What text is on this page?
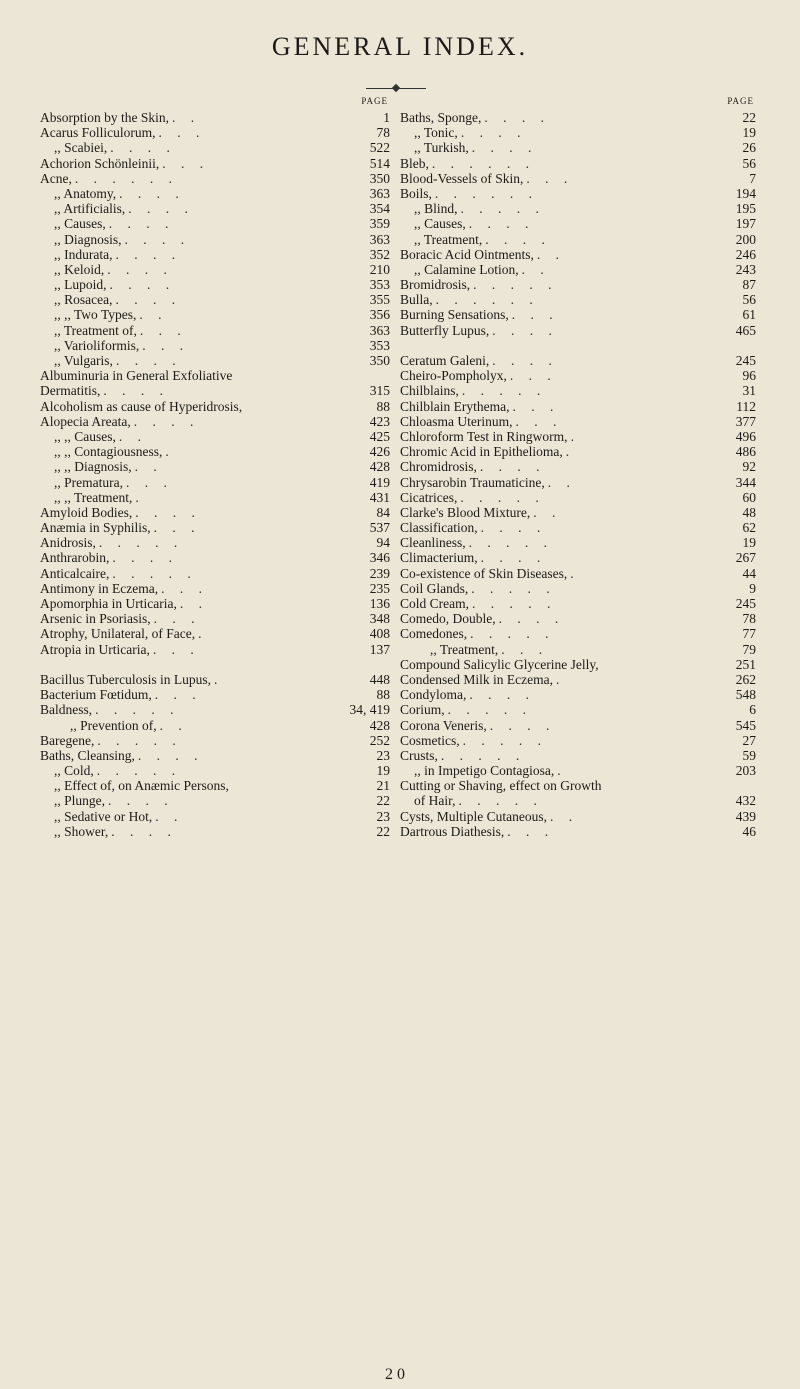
GENERAL INDEX.
PAGE
Absorption by the Skin, . .	1
Acarus Folliculorum, . . .	78
,, Scabiei, . . . .	522
Achorion Schönleinii, . . .	514
Acne, . . . . . .	350
,, Anatomy, . . . .	363
,, Artificialis, . . . .	354
,, Causes, . . . .	359
,, Diagnosis, . . . .	363
,, Indurata, . . . .	352
,, Keloid, . . . .	210
,, Lupoid, . . . .	353
,, Rosacea, . . . .	355
,, ,, Two Types, . .	356
,, Treatment of, . . .	363
,, Varioliformis, . . .	353
,, Vulgaris, . . . .	350
Albuminuria in General Exfoliative
Dermatitis, . . . .	315
Alcoholism as cause of Hyperidrosis,	88
Alopecia Areata, . . . .	423
,, ,, Causes, . .	425
,, ,, Contagiousness, .	426
,, ,, Diagnosis, . .	428
,, Prematura, . . .	419
,, ,, Treatment, .	431
Amyloid Bodies, . . . .	84
Anæmia in Syphilis, . . .	537
Anidrosis, . . . . .	94
Anthrarobin, . . . .	346
Anticalcaire, . . . . .	239
Antimony in Eczema, . . .	235
Apomorphia in Urticaria, . .	136
Arsenic in Psoriasis, . . .	348
Atrophy, Unilateral, of Face, .	408
Atropia in Urticaria, . . .	137
Bacillus Tuberculosis in Lupus, .	448
Bacterium Fœtidum, . . .	88
Baldness, . . . . .	34, 419
,, Prevention of, . .	428
Baregene, . . . . .	252
Baths, Cleansing, . . . .	23
,, Cold, . . . . .	19
,, Effect of, on Anæmic Persons,	21
,, Plunge, . . . .	22
,, Sedative or Hot, . .	23
,, Shower, . . . .	22
PAGE
Baths, Sponge, . . . .	22
,, Tonic, . . . .	19
,, Turkish, . . . .	26
Bleb, . . . . . .	56
Blood-Vessels of Skin, . . .	7
Boils, . . . . . .	194
,, Blind, . . . . .	195
,, Causes, . . . .	197
,, Treatment, . . . .	200
Boracic Acid Ointments, . .	246
,, Calamine Lotion, . .	243
Bromidrosis, . . . . .	87
Bulla, . . . . . .	56
Burning Sensations, . . .	61
Butterfly Lupus, . . . .	465
Ceratum Galeni, . . . .	245
Cheiro-Pompholyx, . . .	96
Chilblains, . . . . .	31
Chilblain Erythema, . . .	112
Chloasma Uterinum, . . .	377
Chloroform Test in Ringworm, .	496
Chromic Acid in Epithelioma, .	486
Chromidrosis, . . . .	92
Chrysarobin Traumaticine, . .	344
Cicatrices, . . . . .	60
Clarke's Blood Mixture, . .	48
Classification, . . . .	62
Cleanliness, . . . . .	19
Climacterium, . . . .	267
Co-existence of Skin Diseases, .	44
Coil Glands, . . . . .	9
Cold Cream, . . . . .	245
Comedo, Double, . . . .	78
Comedones, . . . . .	77
,, Treatment, . . .	79
Compound Salicylic Glycerine Jelly,	251
Condensed Milk in Eczema, .	262
Condyloma, . . . .	548
Corium, . . . . .	6
Corona Veneris, . . . .	545
Cosmetics, . . . . .	27
Crusts, . . . . .	59
,, in Impetigo Contagiosa, .	203
Cutting or Shaving, effect on Growth
of Hair, . . . . .	432
Cysts, Multiple Cutaneous, . .	439
Dartrous Diathesis, . . .	46
2 0
